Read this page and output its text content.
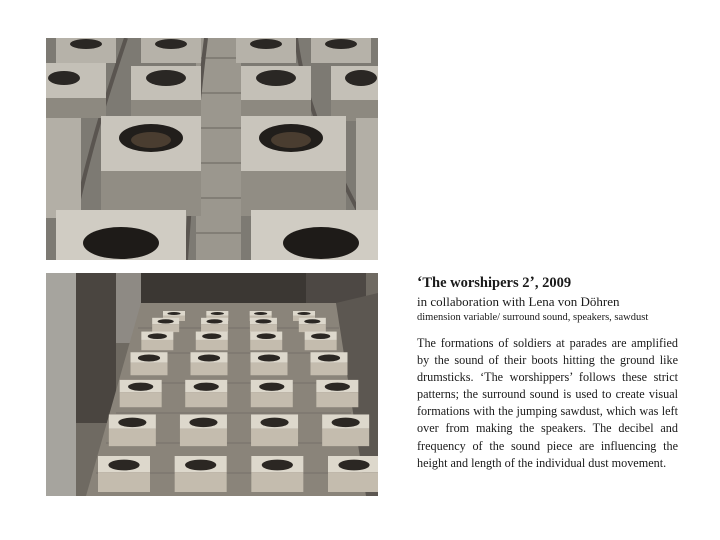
‘The worshipers 2’, 2009
in collaboration with Lena von Döhren
dimension variable/ surround sound, speakers, sawdust
The formations of soldiers at parades are amplified by the sound of their boots hitting the ground like drumsticks. ‘The worshippers’ follows these strict patterns; the surround sound is used to create visual formations with the jumping sawdust, which was left over from making the speakers. The decibel and frequency of the sound piece are influencing the height and length of the individual dust movement.
